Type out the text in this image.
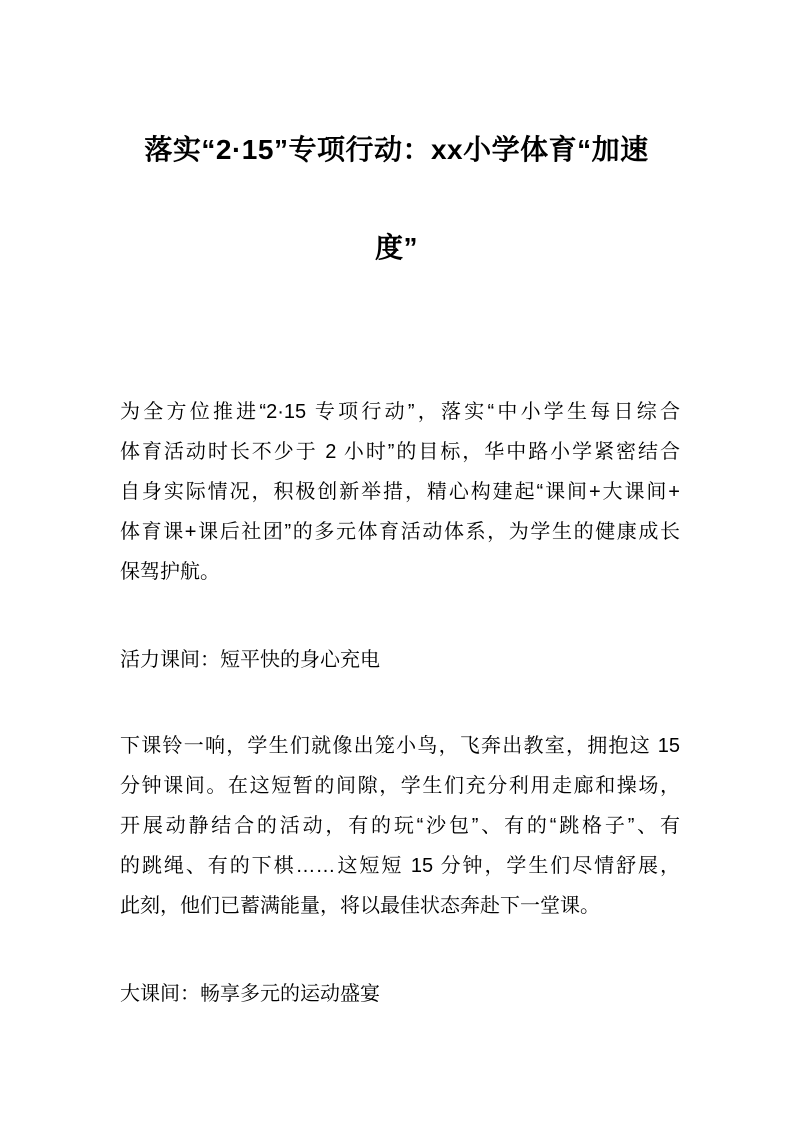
落实“2·15”专项行动：xx小学体育“加速
度”
为全方位推进“2·15 专项行动”，落实“中小学生每日综合
体育活动时长不少于 2 小时”的目标，华中路小学紧密结合
自身实际情况，积极创新举措，精心构建起“课间+大课间+
体育课+课后社团”的多元体育活动体系，为学生的健康成长
保驾护航。
活力课间：短平快的身心充电
下课铃一响，学生们就像出笼小鸟，飞奔出教室，拥抱这 15
分钟课间。在这短暂的间隙，学生们充分利用走廊和操场，
开展动静结合的活动，有的玩“沙包”、有的“跳格子”、有
的跳绳、有的下棋……这短短 15 分钟，学生们尽情舒展，
此刻，他们已蓄满能量，将以最佳状态奔赴下一堂课。
大课间：畅享多元的运动盛宴
